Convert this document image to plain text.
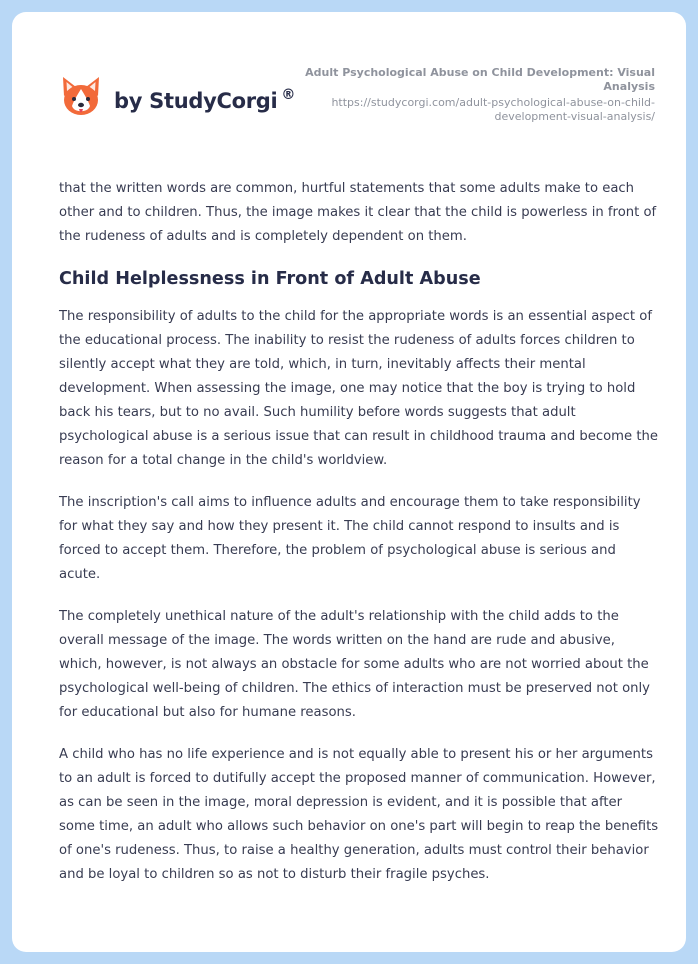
by StudyCorgi ®
Adult Psychological Abuse on Child Development: Visual Analysis
https://studycorgi.com/adult-psychological-abuse-on-child-development-visual-analysis/

that the written words are common, hurtful statements that some adults make to each other and to children. Thus, the image makes it clear that the child is powerless in front of the rudeness of adults and is completely dependent on them.

Child Helplessness in Front of Adult Abuse

The responsibility of adults to the child for the appropriate words is an essential aspect of the educational process. The inability to resist the rudeness of adults forces children to silently accept what they are told, which, in turn, inevitably affects their mental development. When assessing the image, one may notice that the boy is trying to hold back his tears, but to no avail. Such humility before words suggests that adult psychological abuse is a serious issue that can result in childhood trauma and become the reason for a total change in the child's worldview.

The inscription's call aims to influence adults and encourage them to take responsibility for what they say and how they present it. The child cannot respond to insults and is forced to accept them. Therefore, the problem of psychological abuse is serious and acute.

The completely unethical nature of the adult's relationship with the child adds to the overall message of the image. The words written on the hand are rude and abusive, which, however, is not always an obstacle for some adults who are not worried about the psychological well-being of children. The ethics of interaction must be preserved not only for educational but also for humane reasons.

A child who has no life experience and is not equally able to present his or her arguments to an adult is forced to dutifully accept the proposed manner of communication. However, as can be seen in the image, moral depression is evident, and it is possible that after some time, an adult who allows such behavior on one's part will begin to reap the benefits of one's rudeness. Thus, to raise a healthy generation, adults must control their behavior and be loyal to children so as not to disturb their fragile psyches.
